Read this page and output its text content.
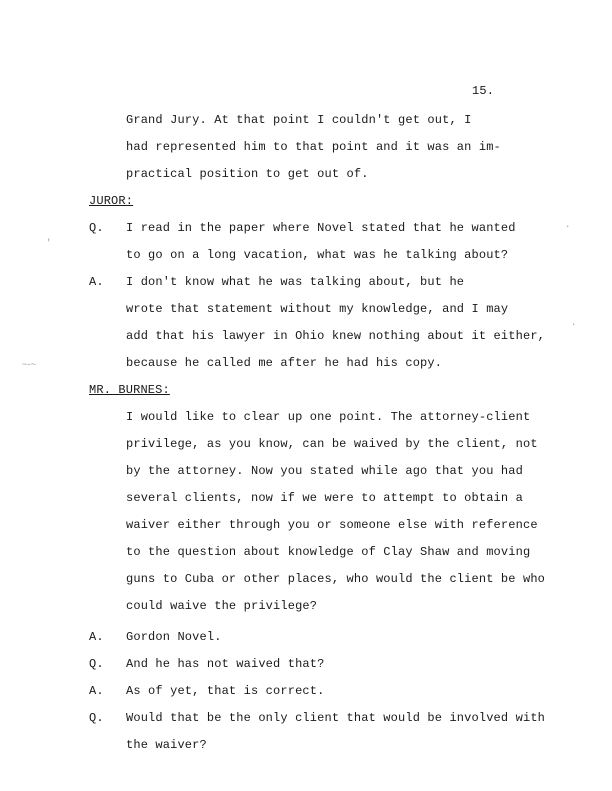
15.
Grand Jury. At that point I couldn't get out, I
had represented him to that point and it was an im-
practical position to get out of.
JUROR:
Q. I read in the paper where Novel stated that he wanted
to go on a long vacation, what was he talking about?
A. I don't know what he was talking about, but he
wrote that statement without my knowledge, and I may
add that his lawyer in Ohio knew nothing about it either,
because he called me after he had his copy.
MR. BURNES:
I would like to clear up one point. The attorney-client
privilege, as you know, can be waived by the client, not
by the attorney. Now you stated while ago that you had
several clients, now if we were to attempt to obtain a
waiver either through you or someone else with reference
to the question about knowledge of Clay Shaw and moving
guns to Cuba or other places, who would the client be who
could waive the privilege?
A. Gordon Novel.
Q. And he has not waived that?
A. As of yet, that is correct.
Q. Would that be the only client that would be involved with
the waiver?
'
~-~
·
·
